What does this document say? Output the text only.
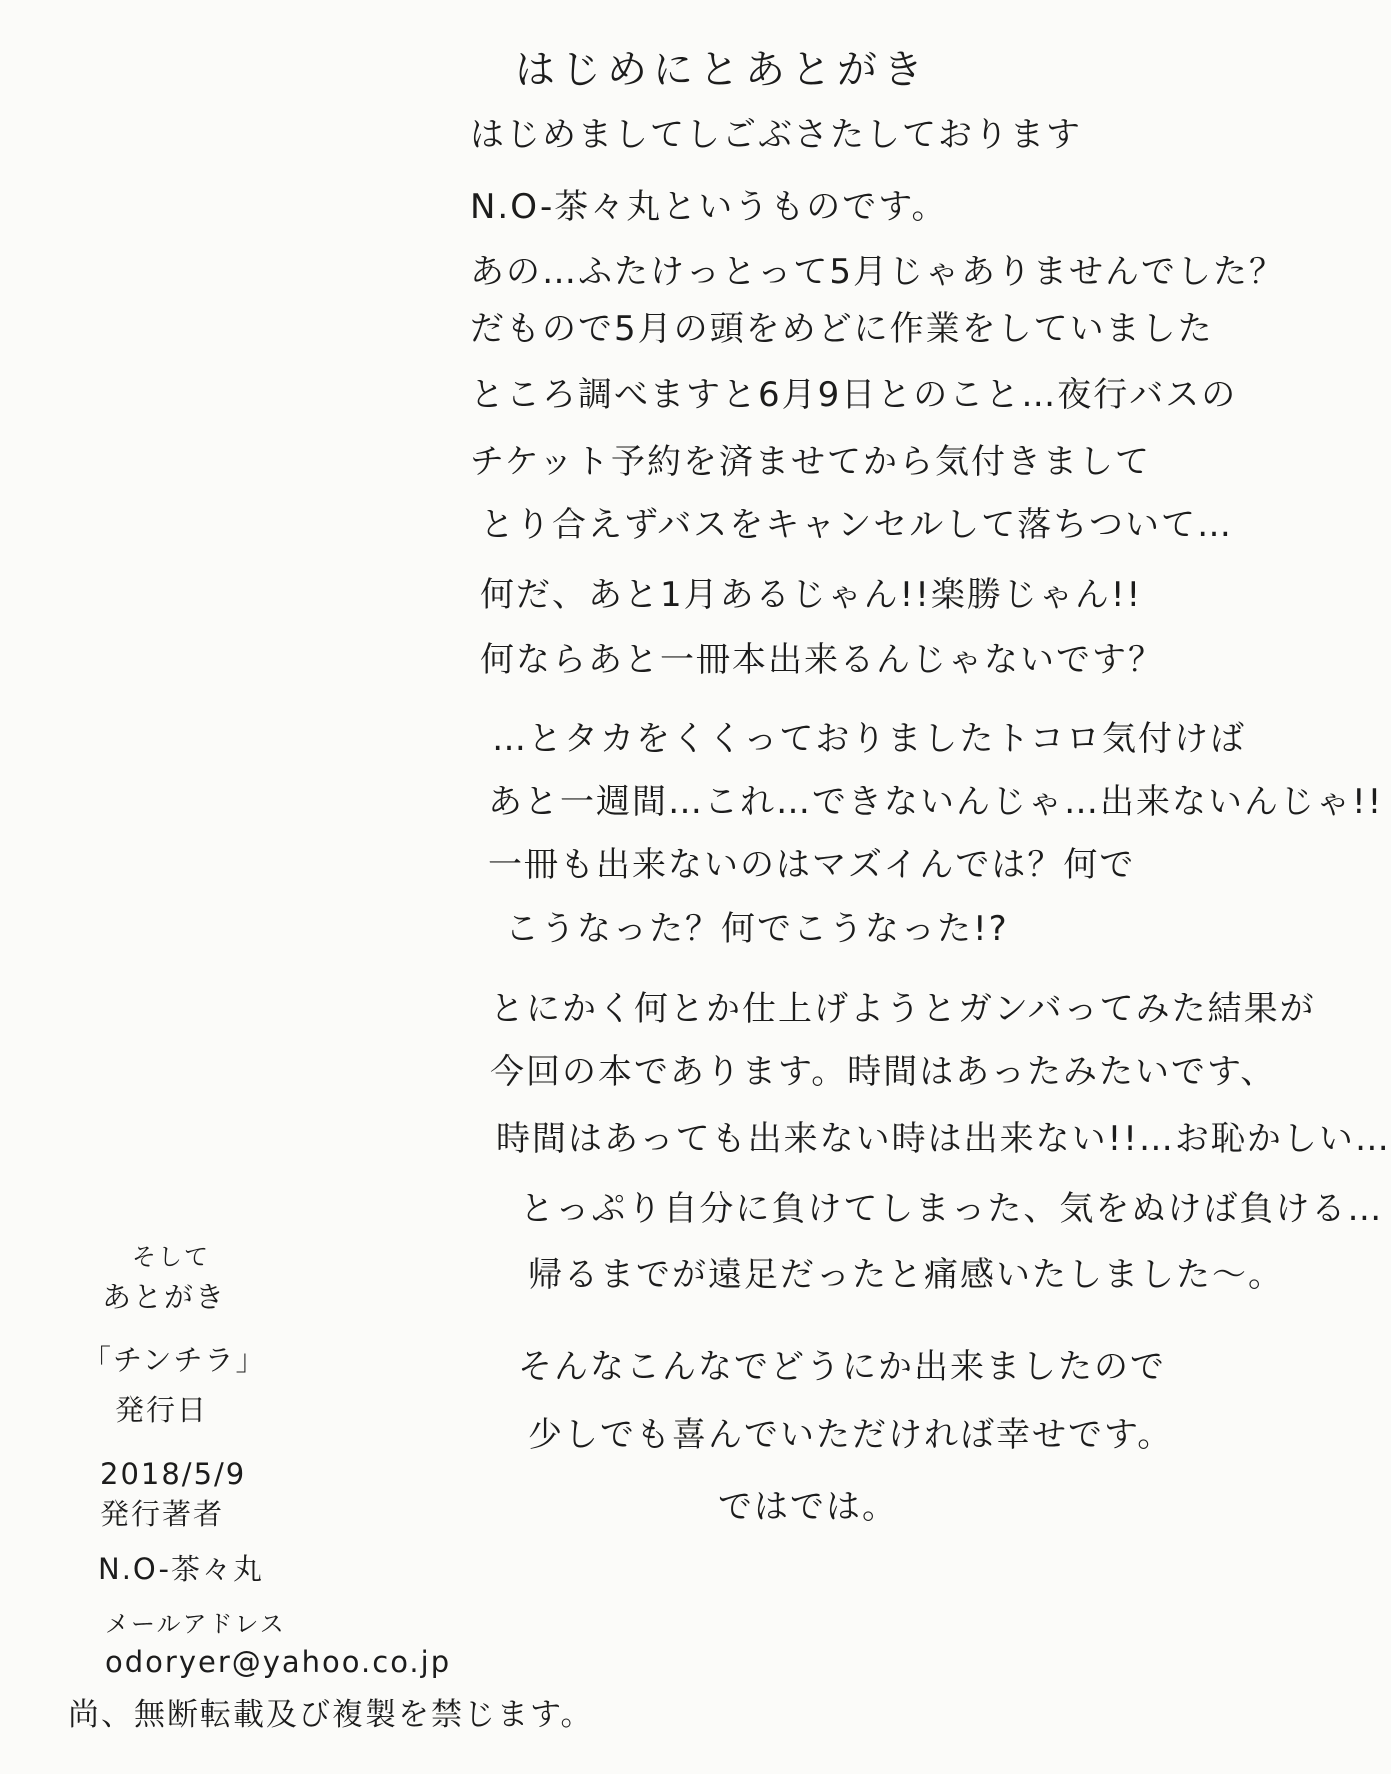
はじめにとあとがき
はじめましてしごぶさたしております
N.O-茶々丸というものです。
あの…ふたけっとって5月じゃありませんでした？
だもので5月の頭をめどに作業をしていました
ところ調べますと6月9日とのこと…夜行バスの
チケット予約を済ませてから気付きまして
とり合えずバスをキャンセルして落ちついて…
何だ、あと1月あるじゃん!!楽勝じゃん!!
何ならあと一冊本出来るんじゃないです？
…とタカをくくっておりましたトコロ気付けば
あと一週間…これ…できないんじゃ…出来ないんじゃ!!
一冊も出来ないのはマズイんでは？何で
こうなった？何でこうなった!?
とにかく何とか仕上げようとガンバってみた結果が
今回の本であります。時間はあったみたいです、
時間はあっても出来ない時は出来ない!!…お恥かしい…
とっぷり自分に負けてしまった、気をぬけば負ける…
帰るまでが遠足だったと痛感いたしました～。
そんなこんなでどうにか出来ましたので
少しでも喜んでいただければ幸せです。
ではでは。
そして
あとがき
「チンチラ」
発行日
2018/5/9
発行著者
N.O-茶々丸
メールアドレス
odoryer@yahoo.co.jp
尚、無断転載及び複製を禁じます。
